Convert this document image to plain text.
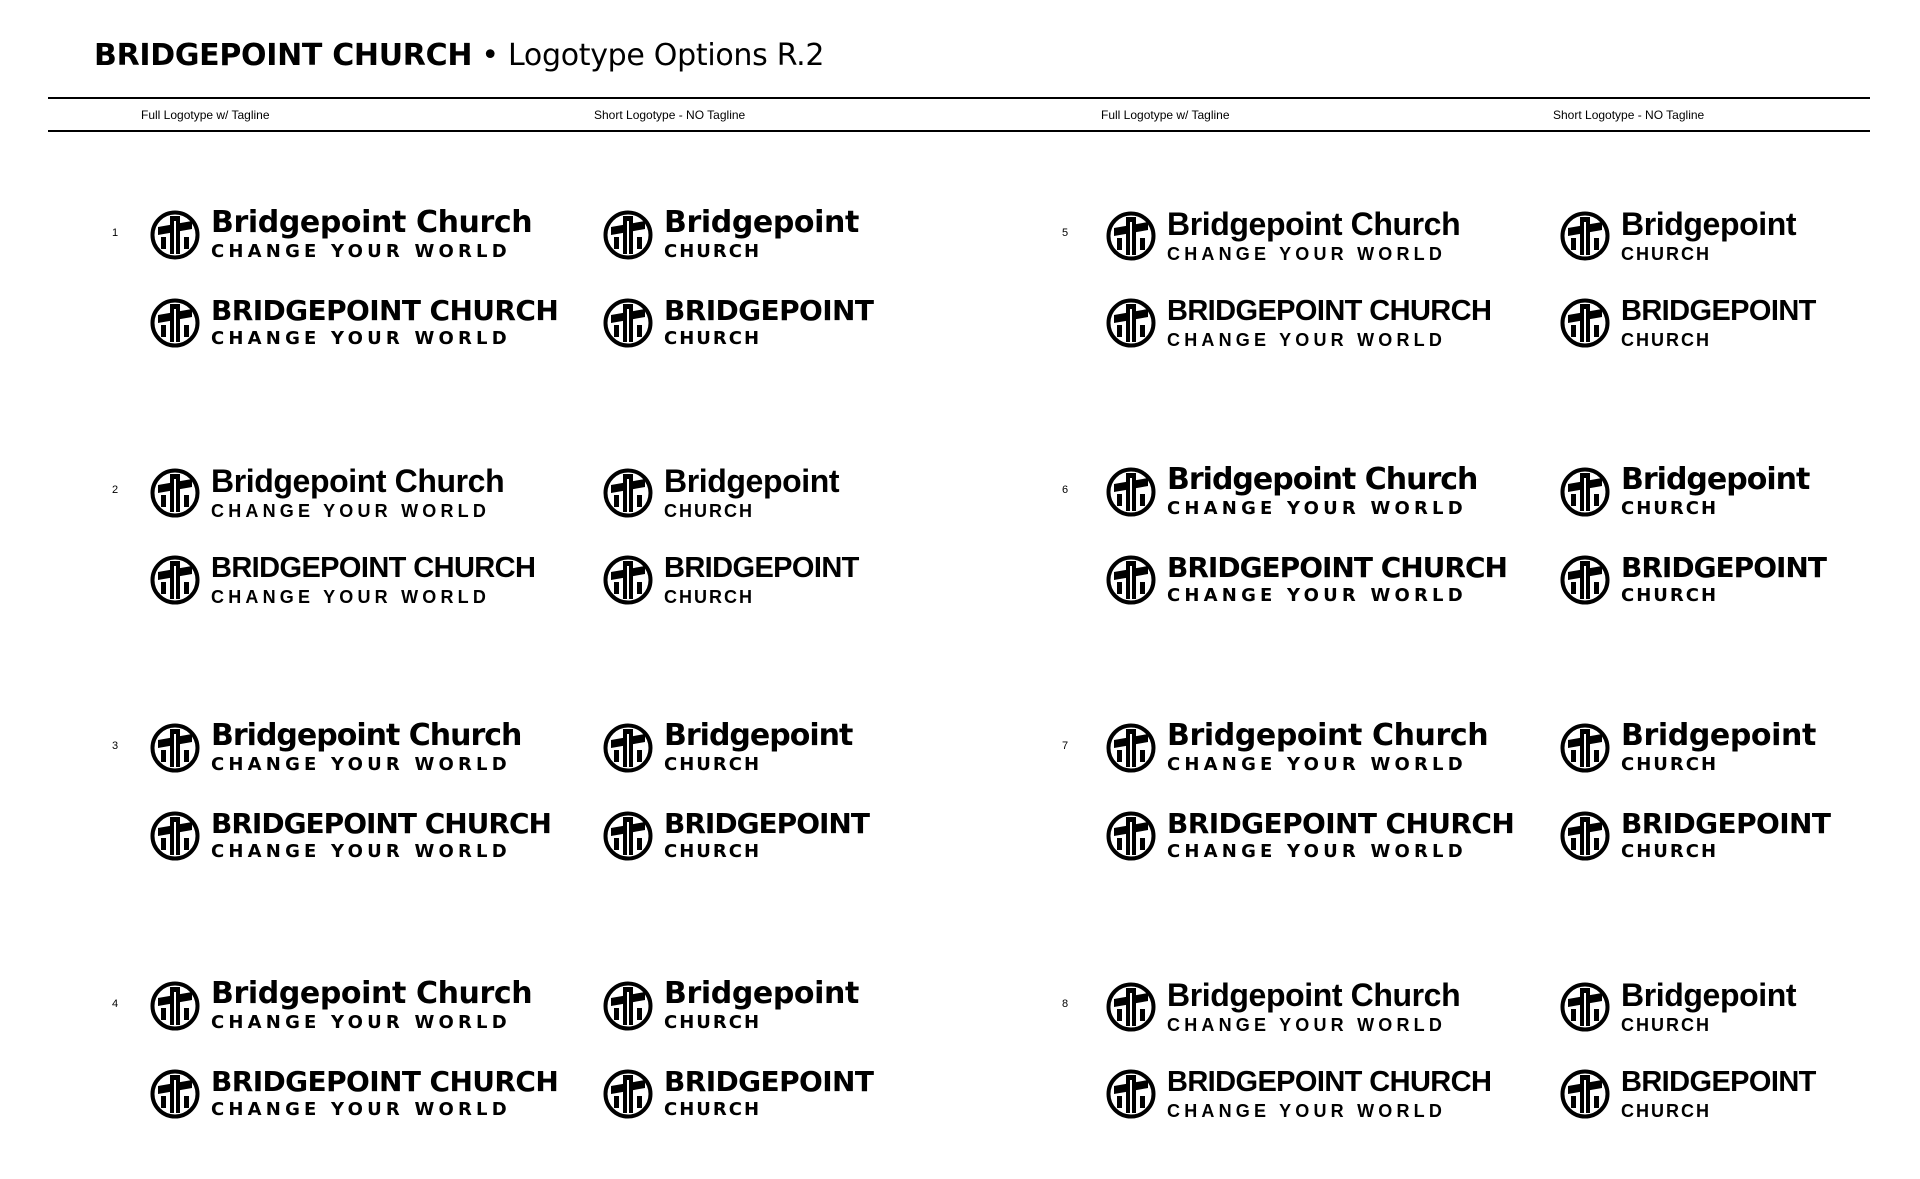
BRIDGEPOINT CHURCH • Logotype Options R.2
Full Logotype w/ Tagline	Short Logotype - NO Tagline	Full Logotype w/ Tagline	Short Logotype - NO Tagline
1	Bridgepoint Church
CHANGE YOUR WORLD
BRIDGEPOINT CHURCH
CHANGE YOUR WORLD
Bridgepoint
CHURCH
BRIDGEPOINT
CHURCH
2	Bridgepoint Church
CHANGE YOUR WORLD
BRIDGEPOINT CHURCH
CHANGE YOUR WORLD
Bridgepoint
CHURCH
BRIDGEPOINT
CHURCH
3	Bridgepoint Church
CHANGE YOUR WORLD
BRIDGEPOINT CHURCH
CHANGE YOUR WORLD
Bridgepoint
CHURCH
BRIDGEPOINT
CHURCH
4	Bridgepoint Church
CHANGE YOUR WORLD
BRIDGEPOINT CHURCH
CHANGE YOUR WORLD
Bridgepoint
CHURCH
BRIDGEPOINT
CHURCH
5	Bridgepoint Church
CHANGE YOUR WORLD
BRIDGEPOINT CHURCH
CHANGE YOUR WORLD
Bridgepoint
CHURCH
BRIDGEPOINT
CHURCH
6	Bridgepoint Church
CHANGE YOUR WORLD
BRIDGEPOINT CHURCH
CHANGE YOUR WORLD
Bridgepoint
CHURCH
BRIDGEPOINT
CHURCH
7	Bridgepoint Church
CHANGE YOUR WORLD
BRIDGEPOINT CHURCH
CHANGE YOUR WORLD
Bridgepoint
CHURCH
BRIDGEPOINT
CHURCH
8	Bridgepoint Church
CHANGE YOUR WORLD
BRIDGEPOINT CHURCH
CHANGE YOUR WORLD
Bridgepoint
CHURCH
BRIDGEPOINT
CHURCH
